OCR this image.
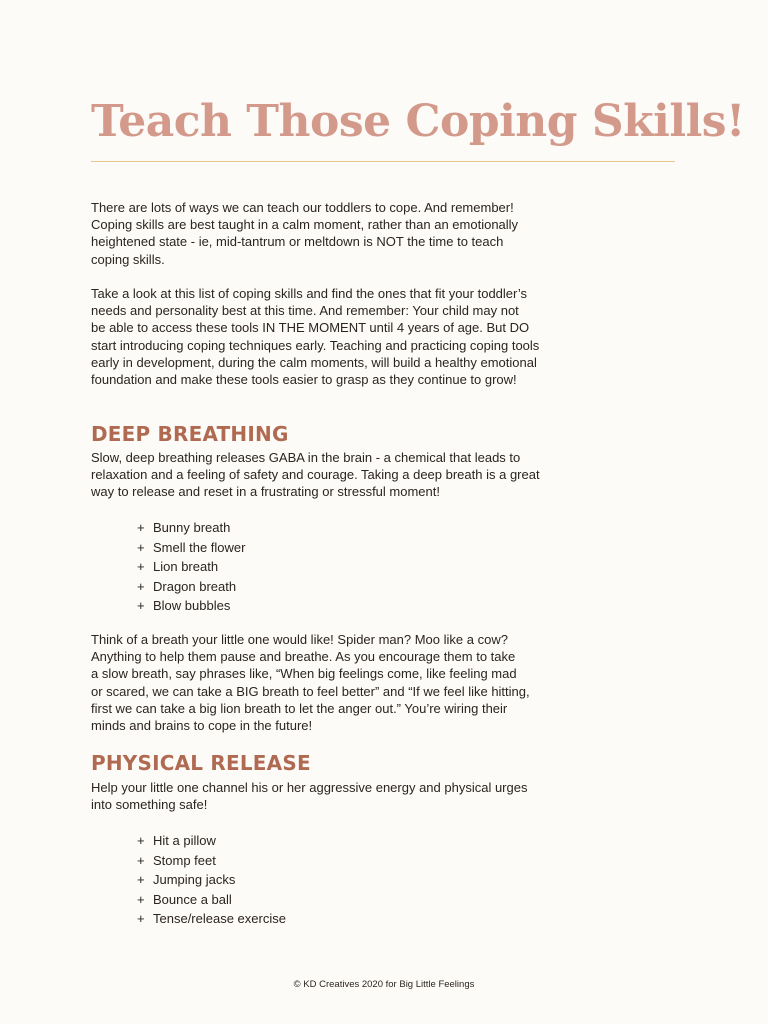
Teach Those Coping Skills!

There are lots of ways we can teach our toddlers to cope. And remember!
Coping skills are best taught in a calm moment, rather than an emotionally
heightened state - ie, mid-tantrum or meltdown is NOT the time to teach
coping skills.

Take a look at this list of coping skills and find the ones that fit your toddler’s
needs and personality best at this time. And remember: Your child may not
be able to access these tools IN THE MOMENT until 4 years of age. But DO
start introducing coping techniques early. Teaching and practicing coping tools
early in development, during the calm moments, will build a healthy emotional
foundation and make these tools easier to grasp as they continue to grow!

DEEP BREATHING

Slow, deep breathing releases GABA in the brain - a chemical that leads to
relaxation and a feeling of safety and courage. Taking a deep breath is a great
way to release and reset in a frustrating or stressful moment!

+ Bunny breath
+ Smell the flower
+ Lion breath
+ Dragon breath
+ Blow bubbles

Think of a breath your little one would like! Spider man? Moo like a cow?
Anything to help them pause and breathe. As you encourage them to take
a slow breath, say phrases like, “When big feelings come, like feeling mad
or scared, we can take a BIG breath to feel better” and “If we feel like hitting,
first we can take a big lion breath to let the anger out.” You’re wiring their
minds and brains to cope in the future!

PHYSICAL RELEASE

Help your little one channel his or her aggressive energy and physical urges
into something safe!

+ Hit a pillow
+ Stomp feet
+ Jumping jacks
+ Bounce a ball
+ Tense/release exercise
© KD Creatives 2020 for Big Little Feelings
